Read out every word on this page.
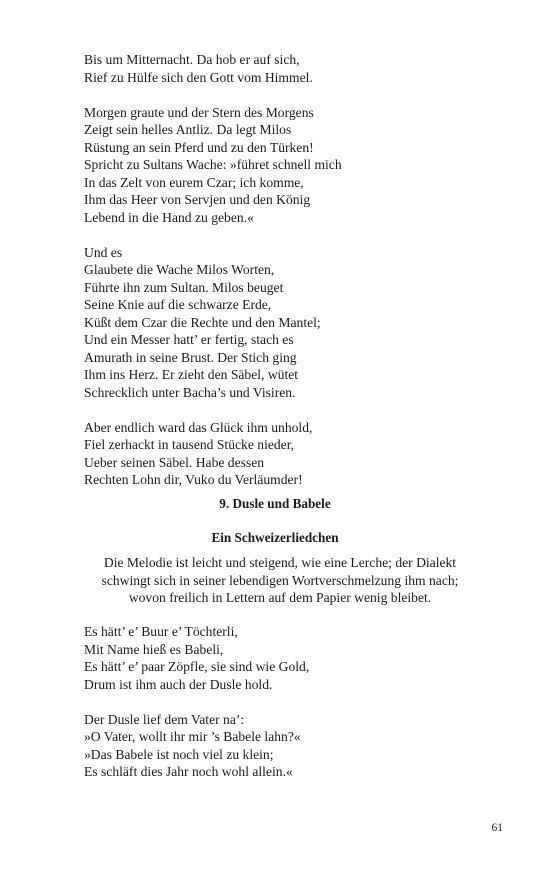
Bis um Mitternacht. Da hob er auf sich,
Rief zu Hülfe sich den Gott vom Himmel.
Morgen graute und der Stern des Morgens
Zeigt sein helles Antliz. Da legt Milos
Rüstung an sein Pferd und zu den Türken!
Spricht zu Sultans Wache: »führet schnell mich
In das Zelt von eurem Czar; ich komme,
Ihm das Heer von Servjen und den König
Lebend in die Hand zu geben.«
Und es
Glaubete die Wache Milos Worten,
Führte ihn zum Sultan. Milos beuget
Seine Knie auf die schwarze Erde,
Küßt dem Czar die Rechte und den Mantel;
Und ein Messer hatt’ er fertig, stach es
Amurath in seine Brust. Der Stich ging
Ihm ins Herz. Er zieht den Säbel, wütet
Schrecklich unter Bacha’s und Visiren.
Aber endlich ward das Glück ihm unhold,
Fiel zerhackt in tausend Stücke nieder,
Ueber seinen Säbel. Habe dessen
Rechten Lohn dir, Vuko du Verläumder!
9. Dusle und Babele
Ein Schweizerliedchen
Die Melodie ist leicht und steigend, wie eine Lerche; der Dialekt
schwingt sich in seiner lebendigen Wortverschmelzung ihm nach;
wovon freilich in Lettern auf dem Papier wenig bleibet.
Es hätt’ e’ Buur e’ Töchterli,
Mit Name hieß es Babeli,
Es hätt’ e’ paar Zöpfle, sie sind wie Gold,
Drum ist ihm auch der Dusle hold.
Der Dusle lief dem Vater na’:
»O Vater, wollt ihr mir ’s Babele lahn?«
»Das Babele ist noch viel zu klein;
Es schläft dies Jahr noch wohl allein.«
61
